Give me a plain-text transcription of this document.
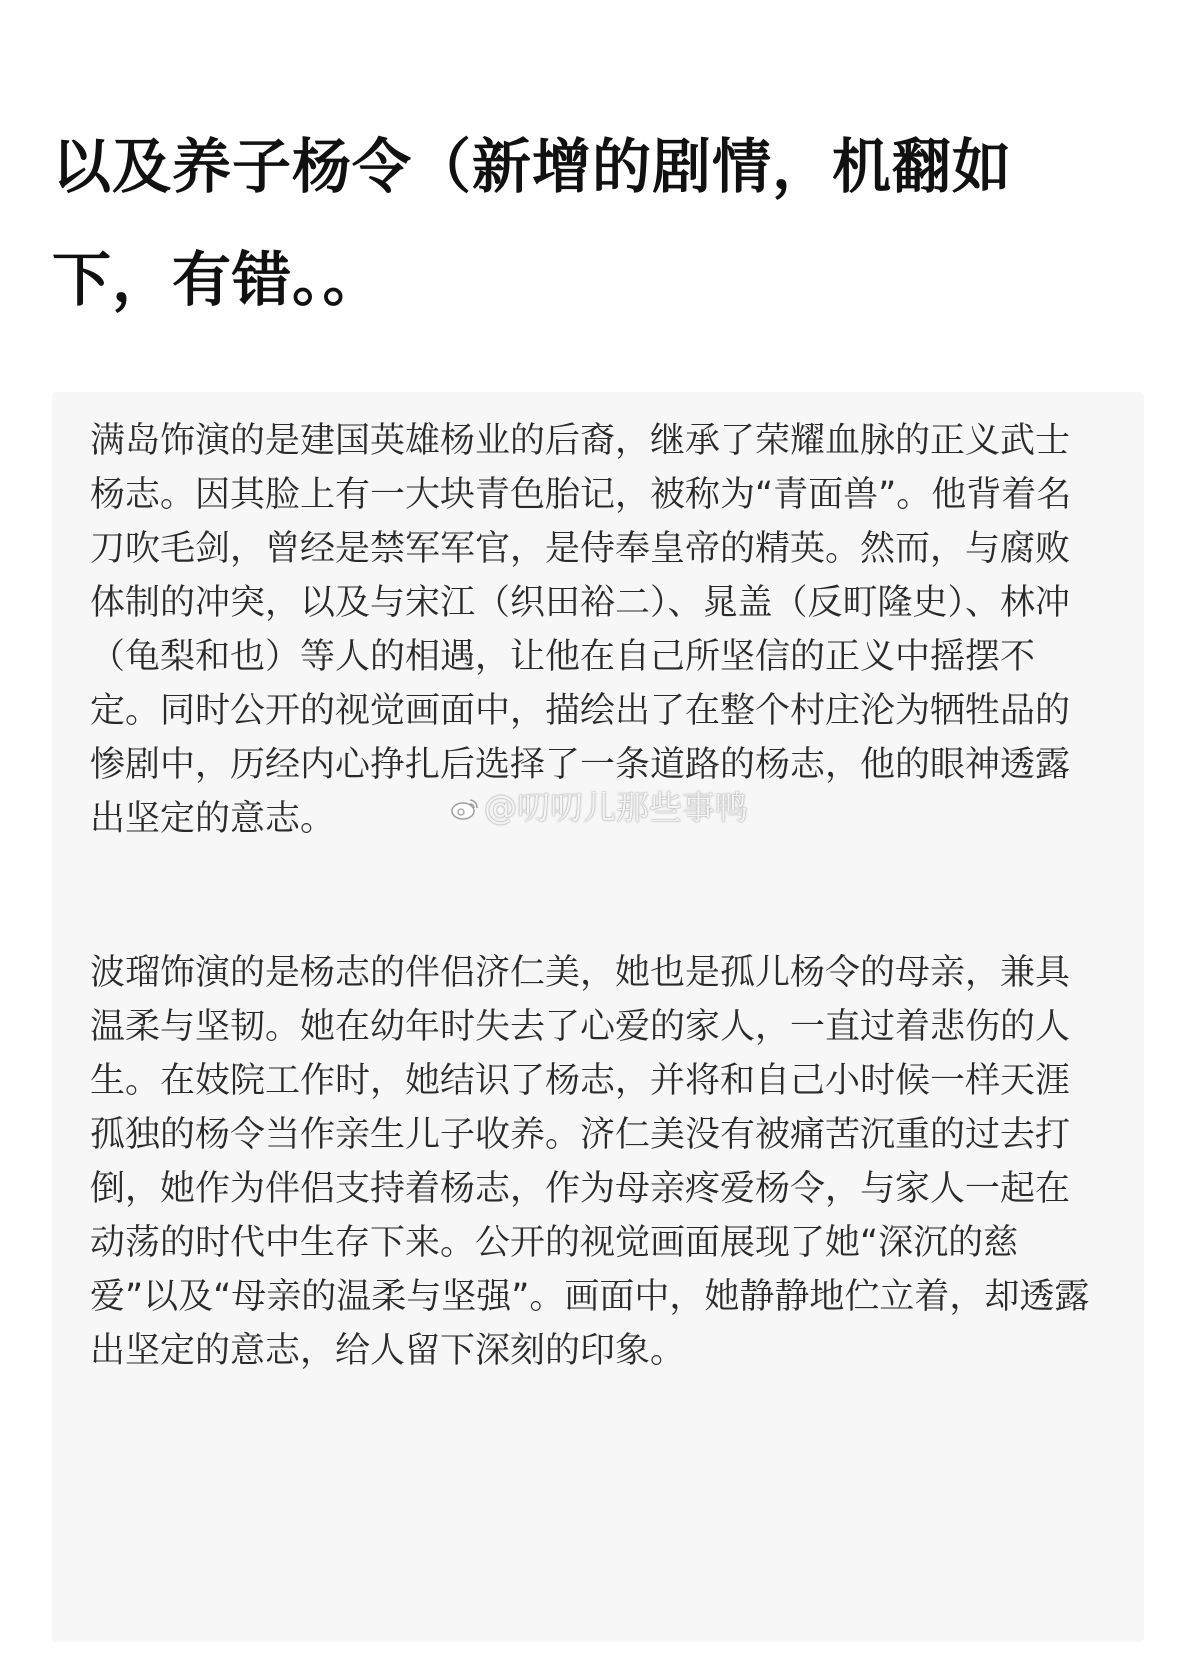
以及养子杨令（新增的剧情，机翻如下，有错。。

满岛饰演的是建国英雄杨业的后裔，继承了荣耀血脉的正义武士杨志。因其脸上有一大块青色胎记，被称为“青面兽”。他背着名刀吹毛剑，曾经是禁军军官，是侍奉皇帝的精英。然而，与腐败体制的冲突，以及与宋江（织田裕二）、晁盖（反町隆史）、林冲（龟梨和也）等人的相遇，让他在自己所坚信的正义中摇摆不定。同时公开的视觉画面中，描绘出了在整个村庄沦为牺牲品的惨剧中，历经内心挣扎后选择了一条道路的杨志，他的眼神透露出坚定的意志。

波瑠饰演的是杨志的伴侣济仁美，她也是孤儿杨令的母亲，兼具温柔与坚韧。她在幼年时失去了心爱的家人，一直过着悲伤的人生。在妓院工作时，她结识了杨志，并将和自己小时候一样天涯孤独的杨令当作亲生儿子收养。济仁美没有被痛苦沉重的过去打倒，她作为伴侣支持着杨志，作为母亲疼爱杨令，与家人一起在动荡的时代中生存下来。公开的视觉画面展现了她“深沉的慈爱”以及“母亲的温柔与坚强”。画面中，她静静地伫立着，却透露出坚定的意志，给人留下深刻的印象。

@叨叨儿那些事鸭
